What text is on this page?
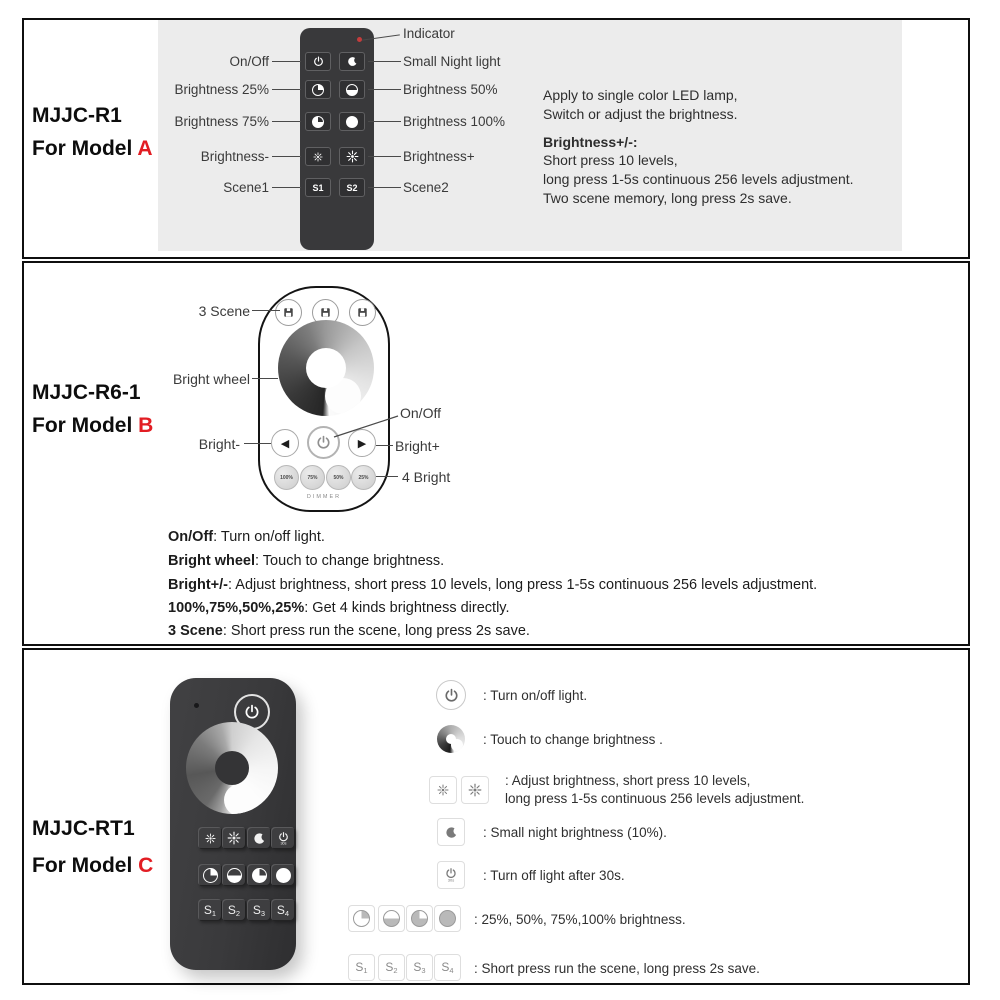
MJJC-R1
For Model A
S1	S2
On/Off
Brightness 25%
Brightness 75%
Brightness-
Scene1
Indicator
Small Night light
Brightness 50%
Brightness 100%
Brightness+
Scene2

Apply to single color LED lamp,

Switch or adjust the brightness.

Brightness+/-:

Short press 10 levels,

long press 1-5s continuous 256 levels adjustment.

Two scene memory, long press 2s save.

MJJC-R6-1
For Model B
◀	▶
100%	75%	50%	25%
DIMMER
3 Scene
Bright wheel
Bright-
On/Off
Bright+
4 Bright
On/Off: Turn on/off light.
Bright wheel: Touch to change brightness.
Bright+/-: Adjust brightness, short press 10 levels, long press 1-5s continuous 256 levels adjustment.
100%,75%,50%,25%: Get 4 kinds brightness directly.
3 Scene: Short press run the scene, long press 2s save.
MJJC-RT1
For Model C
30s
$S_1$ $S_2$ $S_3$ $S_4$
: Turn on/off light.
: Touch to change brightness .

: Adjust brightness, short press 10 levels,

long press 1-5s continuous 256 levels adjustment.

: Small night brightness (10%).
30s : Turn off light after 30s.
: 25%, 50%, 75%,100% brightness.
$S_1$ $S_2$ $S_3$ $S_4$ : Short press run the scene, long press 2s save.
